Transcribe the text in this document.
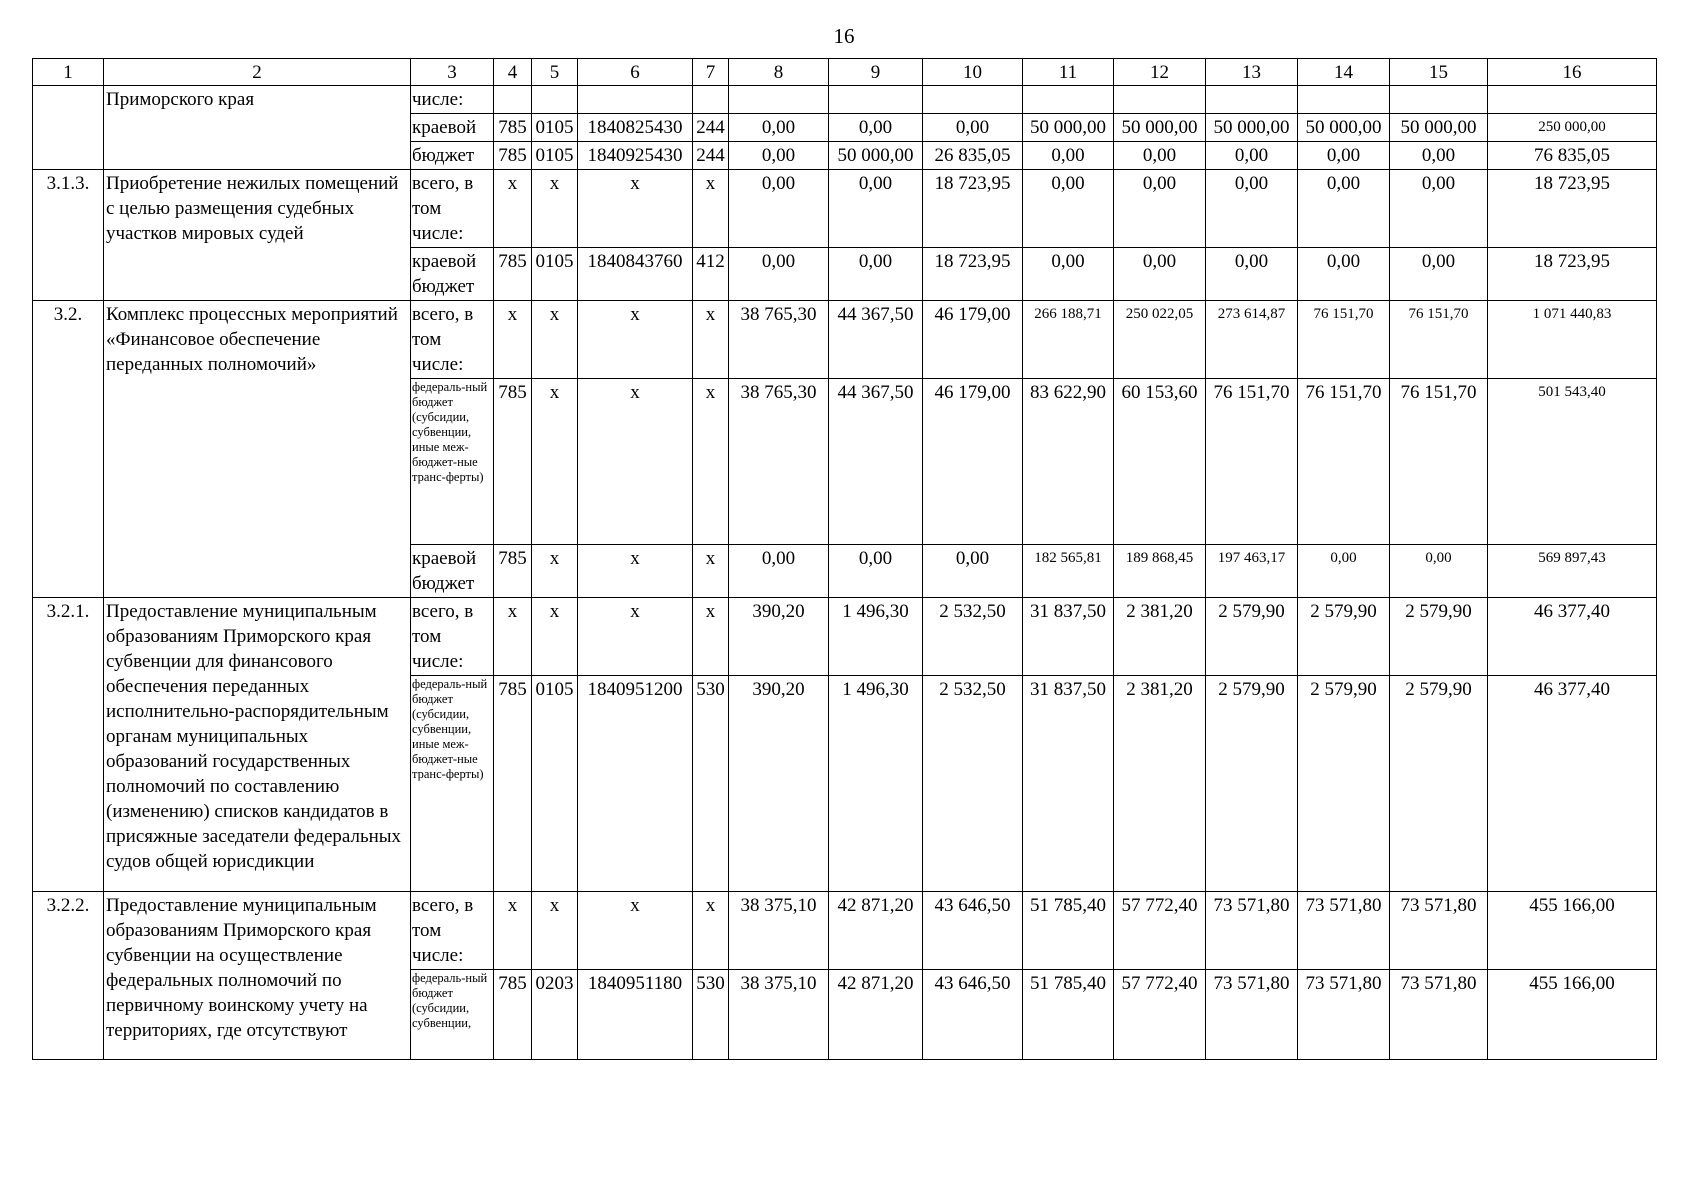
16
1	2	3	4	5	6	7	8	9	10	11	12	13	14	15	16
	Приморского края	числе:													
		краевой	785	0105	1840825430	244	0,00	0,00	0,00	50 000,00	50 000,00	50 000,00	50 000,00	50 000,00	250 000,00
		бюджет	785	0105	1840925430	244	0,00	50 000,00	26 835,05	0,00	0,00	0,00	0,00	0,00	76 835,05
3.1.3.	Приобретение нежилых помещений с целью размещения судебных участков мировых судей	всего, в том числе:	x	x	x	x	0,00	0,00	18 723,95	0,00	0,00	0,00	0,00	0,00	18 723,95
		краевой бюджет	785	0105	1840843760	412	0,00	0,00	18 723,95	0,00	0,00	0,00	0,00	0,00	18 723,95
3.2.	Комплекс процессных мероприятий «Финансовое обеспечение переданных полномочий»	всего, в том числе:	x	x	x	x	38 765,30	44 367,50	46 179,00	266 188,71	250 022,05	273 614,87	76 151,70	76 151,70	1 071 440,83
		федераль-ный бюджет (субсидии, субвенции, иные меж-бюджет-ные транс-ферты)	785	x	x	x	38 765,30	44 367,50	46 179,00	83 622,90	60 153,60	76 151,70	76 151,70	76 151,70	501 543,40
		краевой бюджет	785	x	x	x	0,00	0,00	0,00	182 565,81	189 868,45	197 463,17	0,00	0,00	569 897,43
3.2.1.	Предоставление муниципальным образованиям Приморского края субвенции для финансового обеспечения переданных исполнительно-распорядительным органам муниципальных образований государственных полномочий по составлению (изменению) списков кандидатов в присяжные заседатели федеральных судов общей юрисдикции	всего, в том числе:	x	x	x	x	390,20	1 496,30	2 532,50	31 837,50	2 381,20	2 579,90	2 579,90	2 579,90	46 377,40
		федераль-ный бюджет (субсидии, субвенции, иные меж-бюджет-ные транс-ферты)	785	0105	1840951200	530	390,20	1 496,30	2 532,50	31 837,50	2 381,20	2 579,90	2 579,90	2 579,90	46 377,40
3.2.2.	Предоставление муниципальным образованиям Приморского края субвенции на осуществление федеральных полномочий по первичному воинскому учету на территориях, где отсутствуют	всего, в том числе:	x	x	x	x	38 375,10	42 871,20	43 646,50	51 785,40	57 772,40	73 571,80	73 571,80	73 571,80	455 166,00
		федераль-ный бюджет (субсидии, субвенции,	785	0203	1840951180	530	38 375,10	42 871,20	43 646,50	51 785,40	57 772,40	73 571,80	73 571,80	73 571,80	455 166,00
